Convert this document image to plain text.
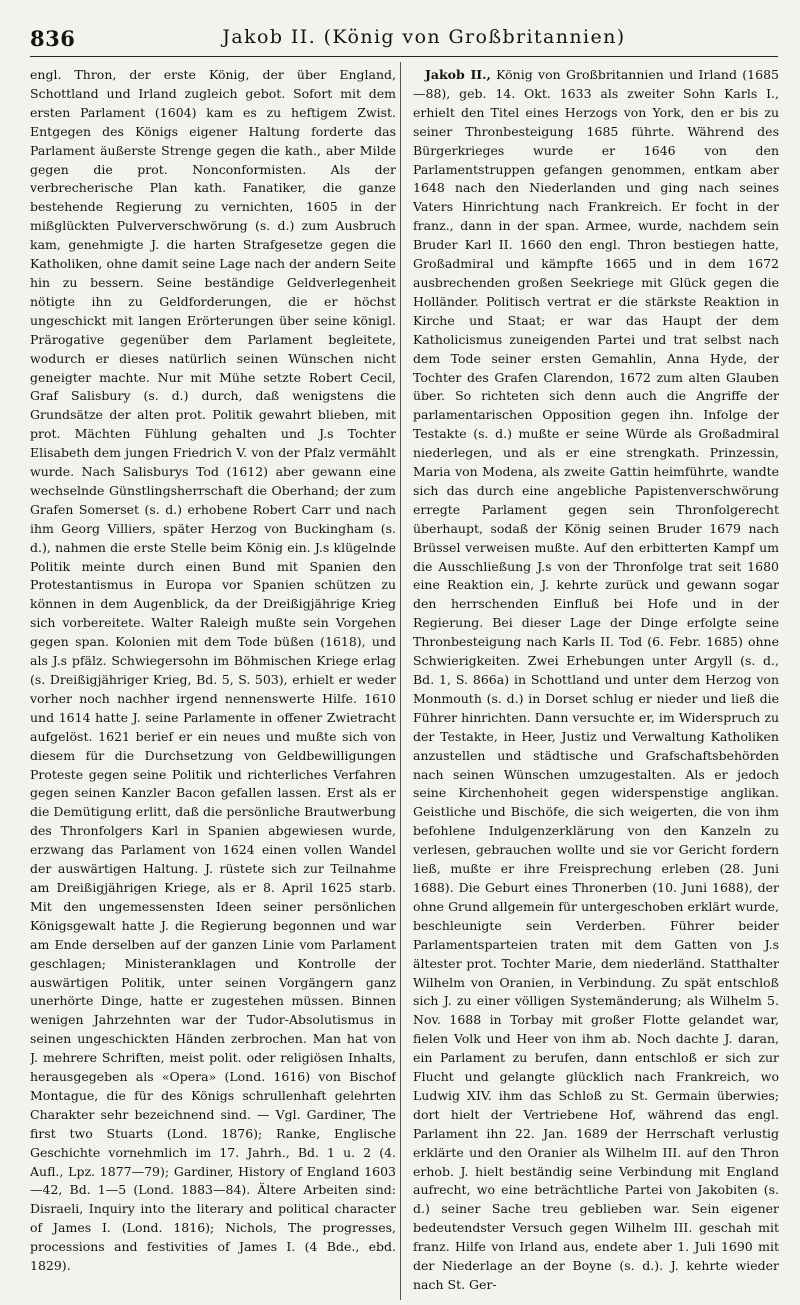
836	Jakob II. (König von Großbritannien)

engl. Thron, der erste König, der über England, Schottland und Irland zugleich gebot. Sofort mit dem ersten Parlament (1604) kam es zu heftigem Zwist. Entgegen des Königs eigener Haltung forderte das Parlament äußerste Strenge gegen die kath., aber Milde gegen die prot. Nonconformisten. Als der verbrecherische Plan kath. Fanatiker, die ganze bestehende Regierung zu vernichten, 1605 in der mißglückten Pulververschwörung (s. d.) zum Ausbruch kam, genehmigte J. die harten Strafgesetze gegen die Katholiken, ohne damit seine Lage nach der andern Seite hin zu bessern. Seine beständige Geldverlegenheit nötigte ihn zu Geldforderungen, die er höchst ungeschickt mit langen Erörterungen über seine königl. Prärogative gegenüber dem Parlament begleitete, wodurch er dieses natürlich seinen Wünschen nicht geneigter machte. Nur mit Mühe setzte Robert Cecil, Graf Salisbury (s. d.) durch, daß wenigstens die Grundsätze der alten prot. Politik gewahrt blieben, mit prot. Mächten Fühlung gehalten und J.s Tochter Elisabeth dem jungen Friedrich V. von der Pfalz vermählt wurde. Nach Salisburys Tod (1612) aber gewann eine wechselnde Günstlingsherrschaft die Oberhand; der zum Grafen Somerset (s. d.) erhobene Robert Carr und nach ihm Georg Villiers, später Herzog von Buckingham (s. d.), nahmen die erste Stelle beim König ein. J.s klügelnde Politik meinte durch einen Bund mit Spanien den Protestantismus in Europa vor Spanien schützen zu können in dem Augenblick, da der Dreißigjährige Krieg sich vorbereitete. Walter Raleigh mußte sein Vorgehen gegen span. Kolonien mit dem Tode büßen (1618), und als J.s pfälz. Schwiegersohn im Böhmischen Kriege erlag (s. Dreißigjähriger Krieg, Bd. 5, S. 503), erhielt er weder vorher noch nachher irgend nennenswerte Hilfe. 1610 und 1614 hatte J. seine Parlamente in offener Zwietracht aufgelöst. 1621 berief er ein neues und mußte sich von diesem für die Durchsetzung von Geldbewilligungen Proteste gegen seine Politik und richterliches Verfahren gegen seinen Kanzler Bacon gefallen lassen. Erst als er die Demütigung erlitt, daß die persönliche Brautwerbung des Thronfolgers Karl in Spanien abgewiesen wurde, erzwang das Parlament von 1624 einen vollen Wandel der auswärtigen Haltung. J. rüstete sich zur Teilnahme am Dreißigjährigen Kriege, als er 8. April 1625 starb. Mit den ungemessensten Ideen seiner persönlichen Königsgewalt hatte J. die Regierung begonnen und war am Ende derselben auf der ganzen Linie vom Parlament geschlagen; Ministeranklagen und Kontrolle der auswärtigen Politik, unter seinen Vorgängern ganz unerhörte Dinge, hatte er zugestehen müssen. Binnen wenigen Jahrzehnten war der Tudor-Absolutismus in seinen ungeschickten Händen zerbrochen. Man hat von J. mehrere Schriften, meist polit. oder religiösen Inhalts, herausgegeben als «Opera» (Lond. 1616) von Bischof Montague, die für des Königs schrullenhaft gelehrten Charakter sehr bezeichnend sind. — Vgl. Gardiner, The first two Stuarts (Lond. 1876); Ranke, Englische Geschichte vornehmlich im 17. Jahrh., Bd. 1 u. 2 (4. Aufl., Lpz. 1877—79); Gardiner, History of England 1603—42, Bd. 1—5 (Lond. 1883—84). Ältere Arbeiten sind: Disraeli, Inquiry into the literary and political character of James I. (Lond. 1816); Nichols, The progresses, processions and festivities of James I. (4 Bde., ebd. 1829).

Jakob II., König von Großbritannien und Irland (1685—88), geb. 14. Okt. 1633 als zweiter Sohn Karls I., erhielt den Titel eines Herzogs von York, den er bis zu seiner Thronbesteigung 1685 führte. Während des Bürgerkrieges wurde er 1646 von den Parlamentstruppen gefangen genommen, entkam aber 1648 nach den Niederlanden und ging nach seines Vaters Hinrichtung nach Frankreich. Er focht in der franz., dann in der span. Armee, wurde, nachdem sein Bruder Karl II. 1660 den engl. Thron bestiegen hatte, Großadmiral und kämpfte 1665 und in dem 1672 ausbrechenden großen Seekriege mit Glück gegen die Holländer. Politisch vertrat er die stärkste Reaktion in Kirche und Staat; er war das Haupt der dem Katholicismus zuneigenden Partei und trat selbst nach dem Tode seiner ersten Gemahlin, Anna Hyde, der Tochter des Grafen Clarendon, 1672 zum alten Glauben über. So richteten sich denn auch die Angriffe der parlamentarischen Opposition gegen ihn. Infolge der Testakte (s. d.) mußte er seine Würde als Großadmiral niederlegen, und als er eine strengkath. Prinzessin, Maria von Modena, als zweite Gattin heimführte, wandte sich das durch eine angebliche Papistenverschwörung erregte Parlament gegen sein Thronfolgerecht überhaupt, sodaß der König seinen Bruder 1679 nach Brüssel verweisen mußte. Auf den erbitterten Kampf um die Ausschließung J.s von der Thronfolge trat seit 1680 eine Reaktion ein, J. kehrte zurück und gewann sogar den herrschenden Einfluß bei Hofe und in der Regierung. Bei dieser Lage der Dinge erfolgte seine Thronbesteigung nach Karls II. Tod (6. Febr. 1685) ohne Schwierigkeiten. Zwei Erhebungen unter Argyll (s. d., Bd. 1, S. 866a) in Schottland und unter dem Herzog von Monmouth (s. d.) in Dorset schlug er nieder und ließ die Führer hinrichten. Dann versuchte er, im Widerspruch zu der Testakte, in Heer, Justiz und Verwaltung Katholiken anzustellen und städtische und Grafschaftsbehörden nach seinen Wünschen umzugestalten. Als er jedoch seine Kirchenhoheit gegen widerspenstige anglikan. Geistliche und Bischöfe, die sich weigerten, die von ihm befohlene Indulgenzerklärung von den Kanzeln zu verlesen, gebrauchen wollte und sie vor Gericht fordern ließ, mußte er ihre Freisprechung erleben (28. Juni 1688). Die Geburt eines Thronerben (10. Juni 1688), der ohne Grund allgemein für untergeschoben erklärt wurde, beschleunigte sein Verderben. Führer beider Parlamentsparteien traten mit dem Gatten von J.s ältester prot. Tochter Marie, dem niederländ. Statthalter Wilhelm von Oranien, in Verbindung. Zu spät entschloß sich J. zu einer völligen Systemänderung; als Wilhelm 5. Nov. 1688 in Torbay mit großer Flotte gelandet war, fielen Volk und Heer von ihm ab. Noch dachte J. daran, ein Parlament zu berufen, dann entschloß er sich zur Flucht und gelangte glücklich nach Frankreich, wo Ludwig XIV. ihm das Schloß zu St. Germain überwies; dort hielt der Vertriebene Hof, während das engl. Parlament ihn 22. Jan. 1689 der Herrschaft verlustig erklärte und den Oranier als Wilhelm III. auf den Thron erhob. J. hielt beständig seine Verbindung mit England aufrecht, wo eine beträchtliche Partei von Jakobiten (s. d.) seiner Sache treu geblieben war. Sein eigener bedeutendster Versuch gegen Wilhelm III. geschah mit franz. Hilfe von Irland aus, endete aber 1. Juli 1690 mit der Niederlage an der Boyne (s. d.). J. kehrte wieder nach St. Ger-
